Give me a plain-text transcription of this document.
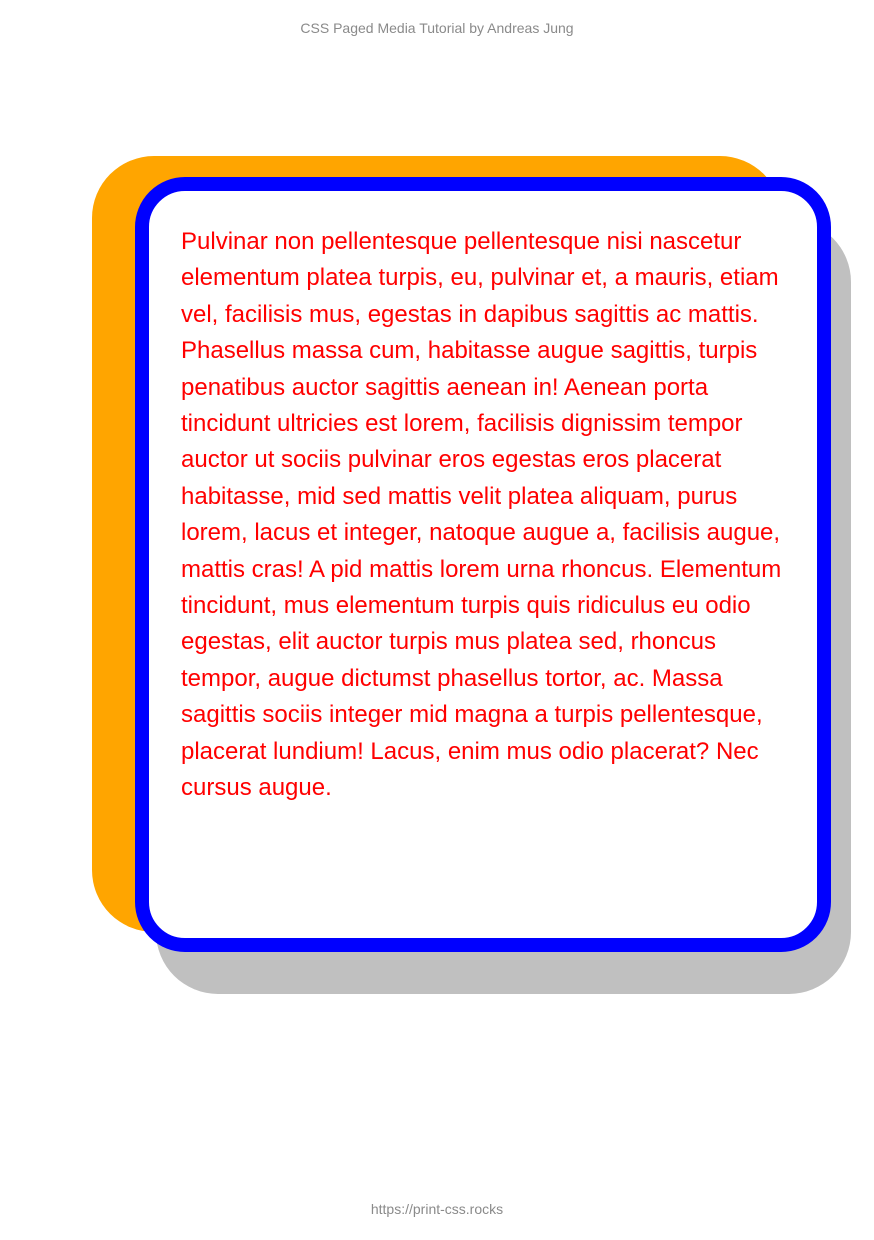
CSS Paged Media Tutorial by Andreas Jung

Pulvinar non pellentesque pellentesque nisi nascetur elementum platea turpis, eu, pulvinar et, a mauris, etiam vel, facilisis mus, egestas in dapibus sagittis ac mattis. Phasellus massa cum, habitasse augue sagittis, turpis penatibus auctor sagittis aenean in! Aenean porta tincidunt ultricies est lorem, facilisis dignissim tempor auctor ut sociis pulvinar eros egestas eros placerat habitasse, mid sed mattis velit platea aliquam, purus lorem, lacus et integer, natoque augue a, facilisis augue, mattis cras! A pid mattis lorem urna rhoncus. Elementum tincidunt, mus elementum turpis quis ridiculus eu odio egestas, elit auctor turpis mus platea sed, rhoncus tempor, augue dictumst phasellus tortor, ac. Massa sagittis sociis integer mid magna a turpis pellentesque, placerat lundium! Lacus, enim mus odio placerat? Nec cursus augue.

https://print-css.rocks
